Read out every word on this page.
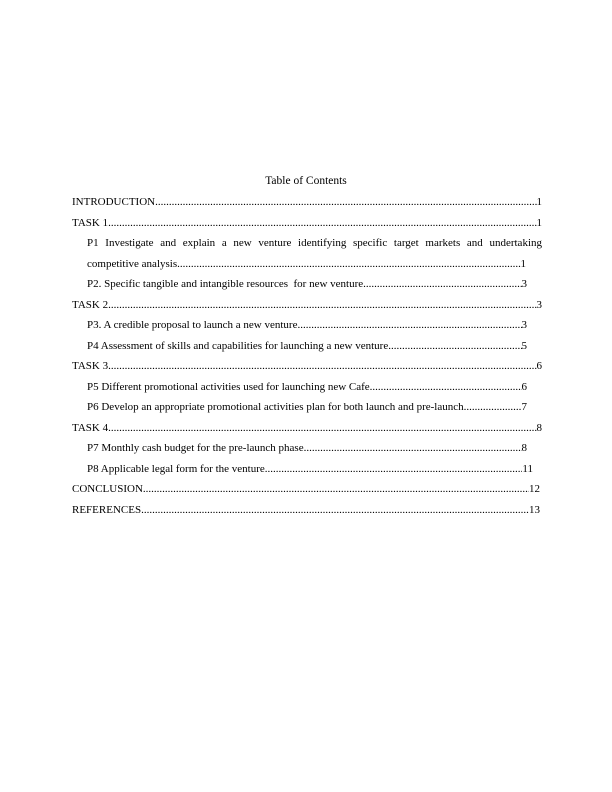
Table of Contents
INTRODUCTION .....	1
TASK 1 .....	1
P1 Investigate and explain a new venture identifying specific target markets and undertaking
competitive analysis .....	1
P2. Specific tangible and intangible resources  for new venture .....	3
TASK 2 .....	3
P3. A credible proposal to launch a new venture .....	3
P4 Assessment of skills and capabilities for launching a new venture .....	5
TASK 3 .....	6
P5 Different promotional activities used for launching new Cafe .....	6
P6 Develop an appropriate promotional activities plan for both launch and pre-launch .....	7
TASK 4 .....	8
P7 Monthly cash budget for the pre-launch phase .....	8
P8 Applicable legal form for the venture .....	11
CONCLUSION .....	12
REFERENCES .....	13
